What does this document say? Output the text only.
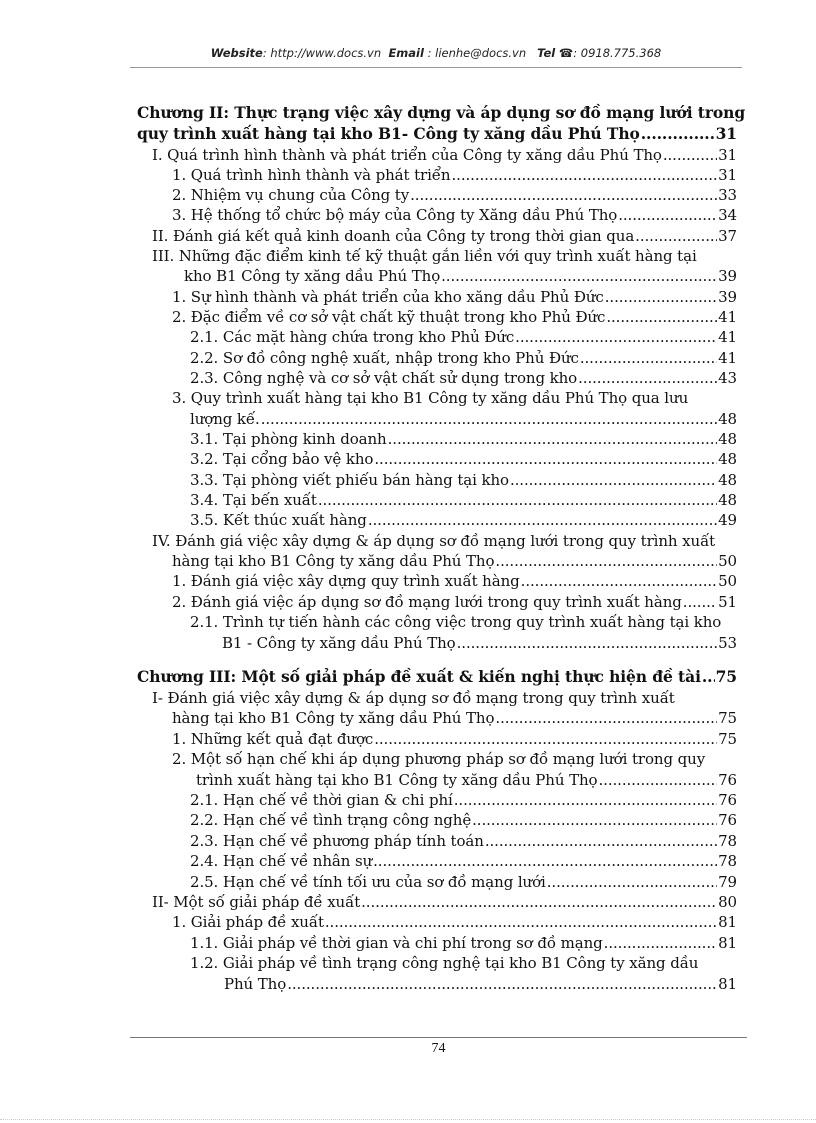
Website: http://www.docs.vn Email : lienhe@docs.vn Tel ☎: 0918.775.368
Chương II: Thực trạng việc xây dựng và áp dụng sơ đồ mạng lưới trong
quy trình xuất hàng tại kho B1- Công ty xăng dầu Phú Thọ .....	31
I. Quá trình hình thành và phát triển của Công ty xăng dầu Phú Thọ .....	31
1. Quá trình hình thành và phát triển .....	31
2. Nhiệm vụ chung của Công ty .....	33
3. Hệ thống tổ chức bộ máy của Công ty Xăng dầu Phú Thọ .....	34
II. Đánh giá kết quả kinh doanh của Công ty trong thời gian qua .....	37
III. Những đặc điểm kinh tế kỹ thuật gắn liền với quy trình xuất hàng tại
kho B1 Công ty xăng dầu Phú Thọ .....	39
1. Sự hình thành và phát triển của kho xăng dầu Phủ Đức .....	39
2. Đặc điểm về cơ sở vật chất kỹ thuật trong kho Phủ Đức .....	41
2.1. Các mặt hàng chứa trong kho Phủ Đức .....	41
2.2. Sơ đồ công nghệ xuất, nhập trong kho Phủ Đức .....	41
2.3. Công nghệ và cơ sở vật chất sử dụng trong kho .....	43
3. Quy trình xuất hàng tại kho B1 Công ty xăng dầu Phú Thọ qua lưu
lượng kế. .....	48
3.1. Tại phòng kinh doanh .....	48
3.2. Tại cổng bảo vệ kho .....	48
3.3. Tại phòng viết phiếu bán hàng tại kho .....	48
3.4. Tại bến xuất .....	48
3.5. Kết thúc xuất hàng .....	49
IV. Đánh giá việc xây dựng & áp dụng sơ đồ mạng lưới trong quy trình xuất
hàng tại kho B1 Công ty xăng dầu Phú Thọ .....	50
1. Đánh giá việc xây dựng quy trình xuất hàng .....	50
2. Đánh giá việc áp dụng sơ đồ mạng lưới trong quy trình xuất hàng ..... 51
2.1. Trình tự tiến hành các công việc trong quy trình xuất hàng tại kho
B1 - Công ty xăng dầu Phú Thọ .....	53
Chương III: Một số giải pháp đề xuất & kiến nghị thực hiện đề tài ..... 75
I- Đánh giá việc xây dựng & áp dụng sơ đồ mạng trong quy trình xuất
hàng tại kho B1 Công ty xăng dầu Phú Thọ .....	75
1. Những kết quả đạt được .....	75
2. Một số hạn chế khi áp dụng phương pháp sơ đồ mạng lưới trong quy
trình xuất hàng tại kho B1 Công ty xăng dầu Phú Thọ .....	76
2.1. Hạn chế về thời gian & chi phí .....	76
2.2. Hạn chế về tình trạng công nghệ .....	76
2.3. Hạn chế về phương pháp tính toán .....	78
2.4. Hạn chế về nhân sự .....	78
2.5. Hạn chế về tính tối ưu của sơ đồ mạng lưới .....	79
II- Một số giải pháp đề xuất .....	80
1. Giải pháp đề xuất .....	81
1.1. Giải pháp về thời gian và chi phí trong sơ đồ mạng .....	81
1.2. Giải pháp về tình trạng công nghệ tại kho B1 Công ty xăng dầu
Phú Thọ .....	81
74
